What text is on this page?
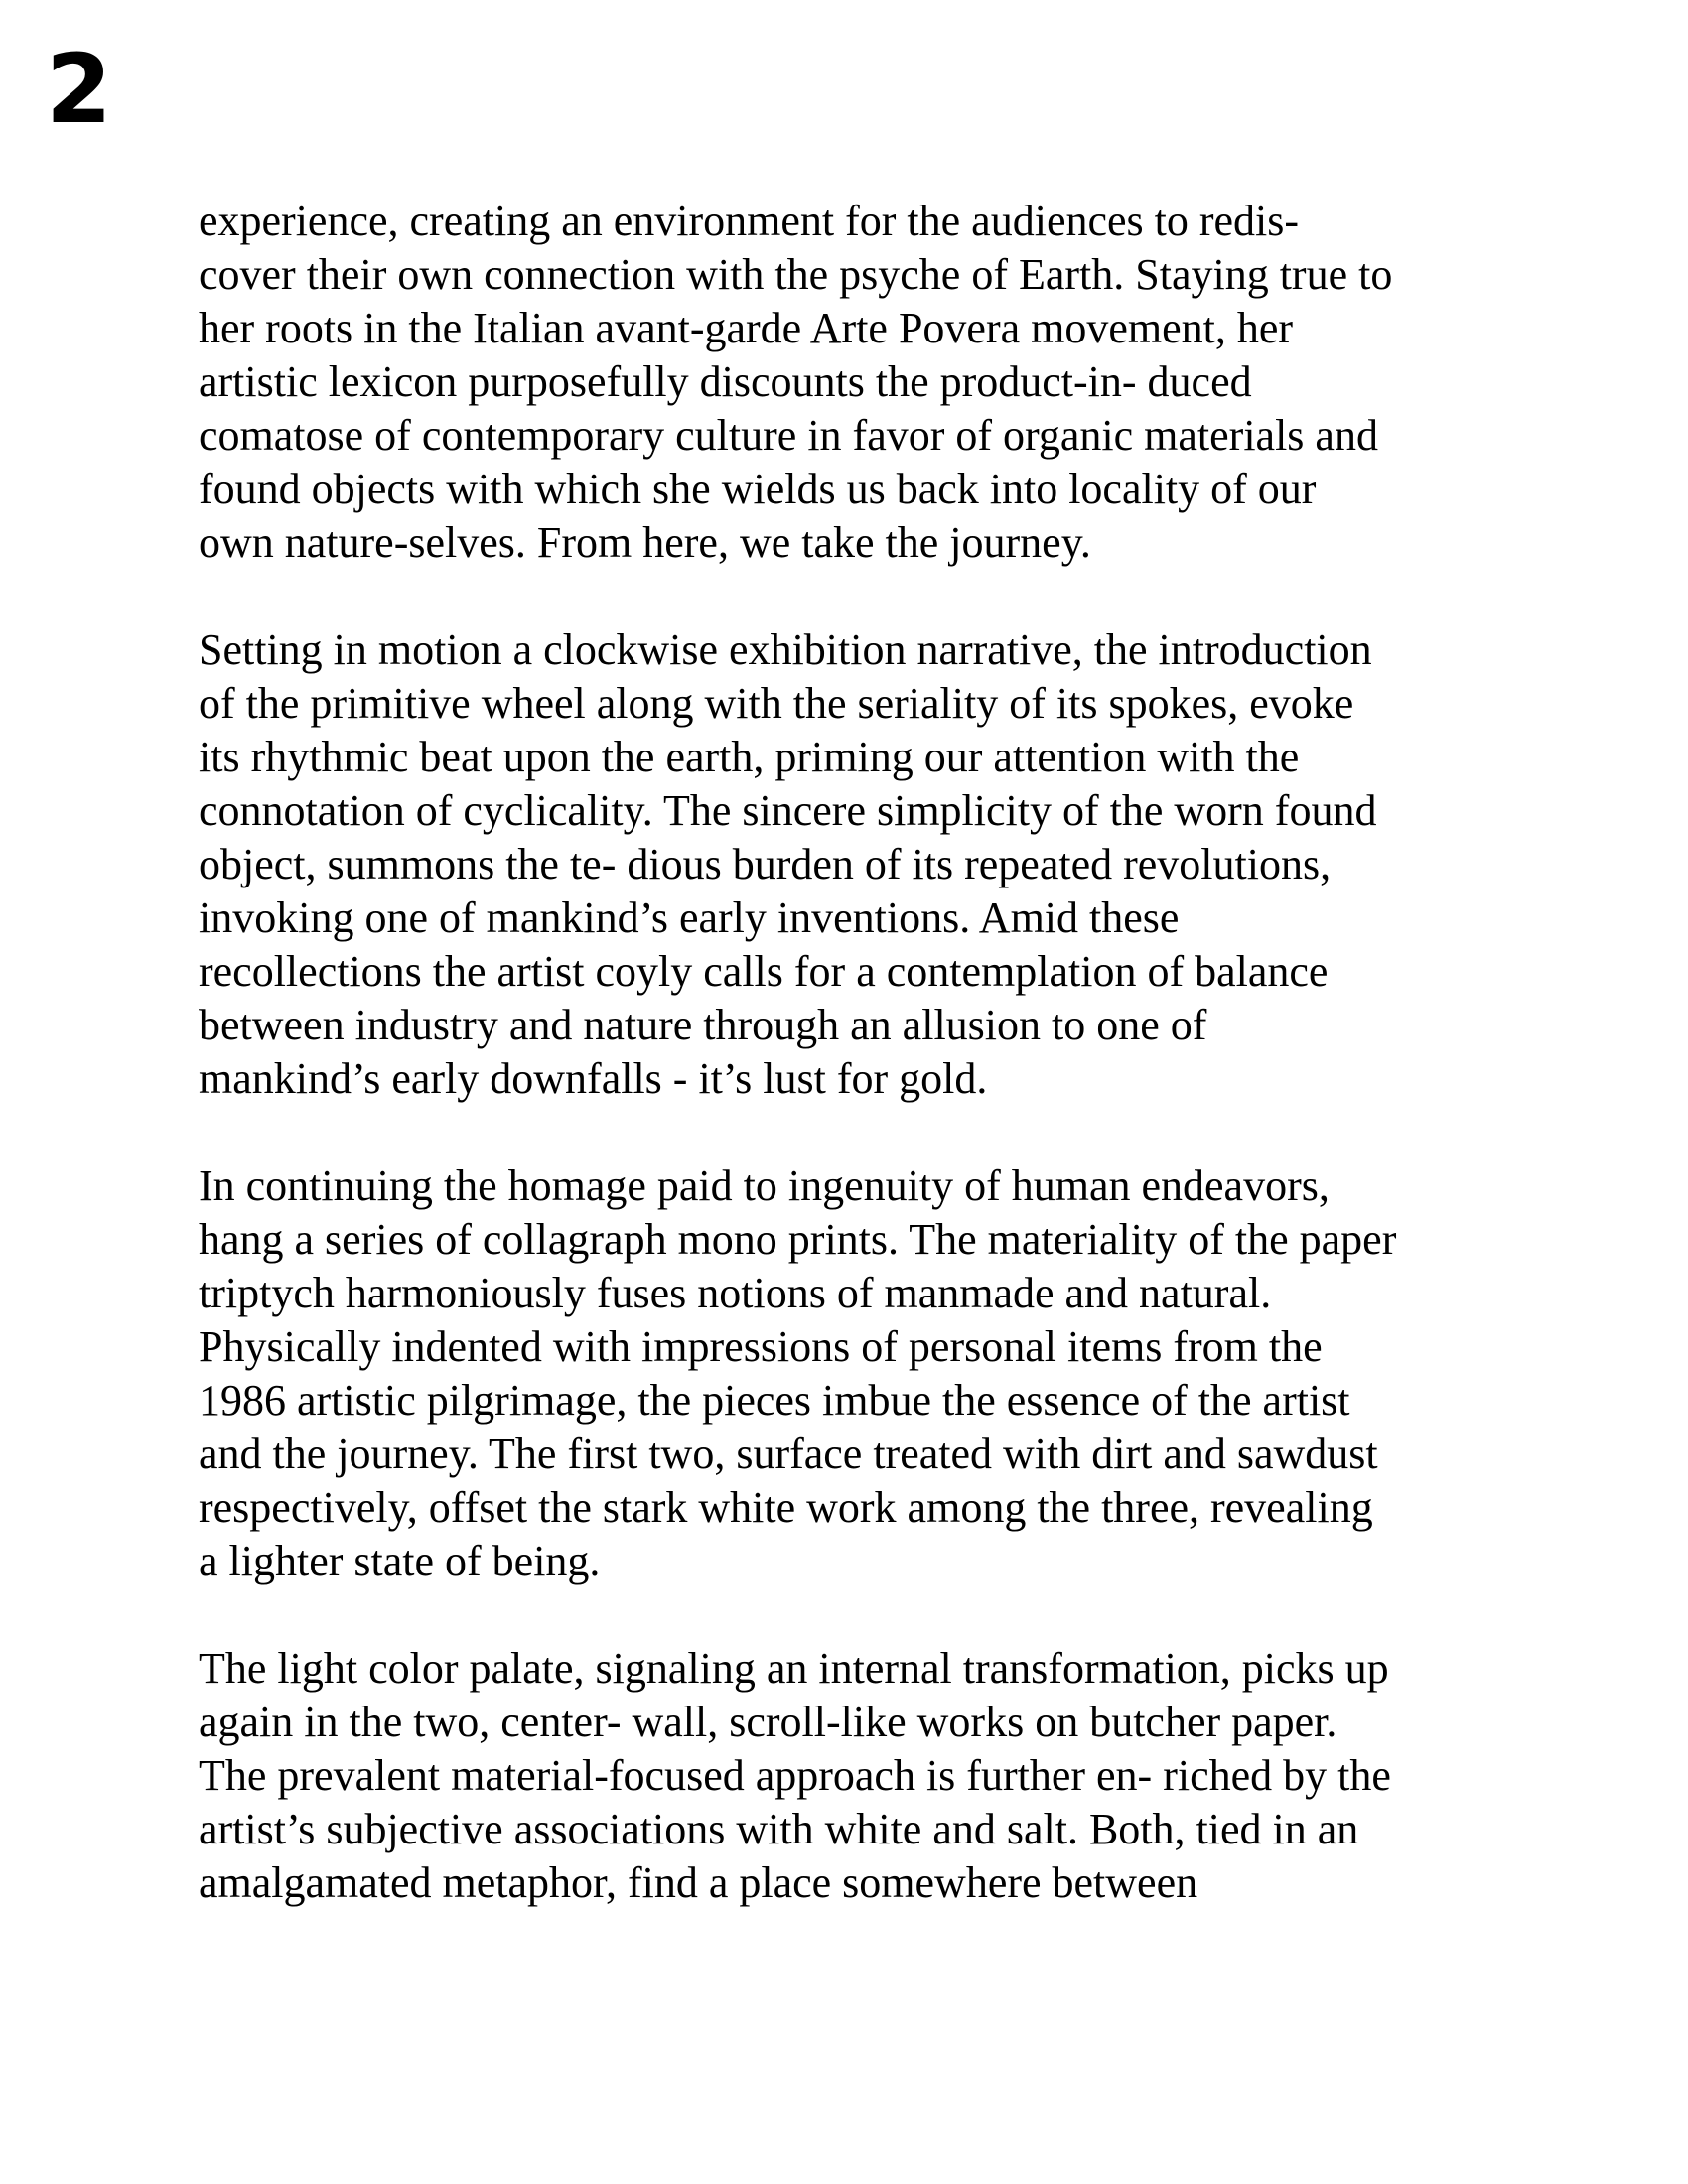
2

experience, creating an environment for the audiences to redis-
cover their own connection with the psyche of Earth. Staying true to
her roots in the Italian avant-garde Arte Povera movement, her
artistic lexicon purposefully discounts the product-in- duced
comatose of contemporary culture in favor of organic materials and
found objects with which she wields us back into locality of our
own nature-selves. From here, we take the journey.

Setting in motion a clockwise exhibition narrative, the introduction
of the primitive wheel along with the seriality of its spokes, evoke
its rhythmic beat upon the earth, priming our attention with the
connotation of cyclicality. The sincere simplicity of the worn found
object, summons the te- dious burden of its repeated revolutions,
invoking one of mankind’s early inventions. Amid these
recollections the artist coyly calls for a contemplation of balance
between industry and nature through an allusion to one of
mankind’s early downfalls - it’s lust for gold.

In continuing the homage paid to ingenuity of human endeavors,
hang a series of collagraph mono prints. The materiality of the paper
triptych harmoniously fuses notions of manmade and natural.
Physically indented with impressions of personal items from the
1986 artistic pilgrimage, the pieces imbue the essence of the artist
and the journey. The first two, surface treated with dirt and sawdust
respectively, offset the stark white work among the three, revealing
a lighter state of being.

The light color palate, signaling an internal transformation, picks up
again in the two, center- wall, scroll-like works on butcher paper.
The prevalent material-focused approach is further en- riched by the
artist’s subjective associations with white and salt. Both, tied in an
amalgamated metaphor, find a place somewhere between
